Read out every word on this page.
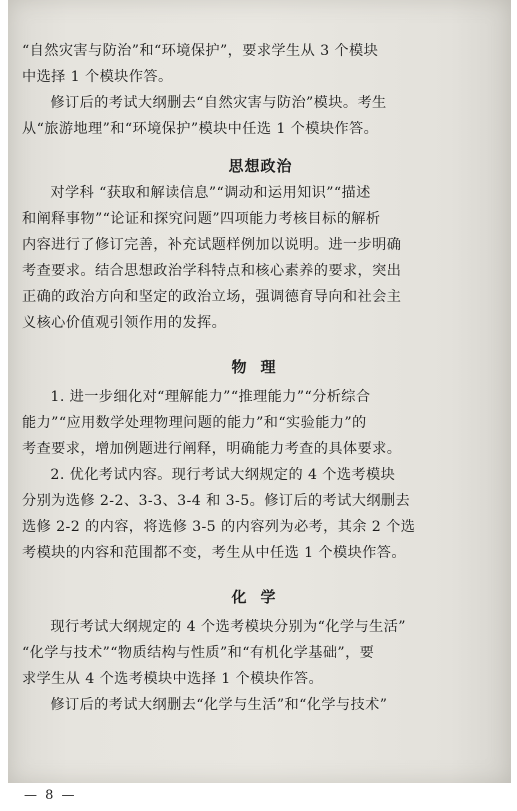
“自然灾害与防治”和“环境保护”，要求学生从 3 个模块
中选择 1 个模块作答。

修订后的考试大纲删去“自然灾害与防治”模块。考生
从“旅游地理”和“环境保护”模块中任选 1 个模块作答。

思想政治

对学科 “获取和解读信息”“调动和运用知识”“描述
和阐释事物”“论证和探究问题”四项能力考核目标的解析
内容进行了修订完善，补充试题样例加以说明。进一步明确
考查要求。结合思想政治学科特点和核心素养的要求，突出
正确的政治方向和坚定的政治立场，强调德育导向和社会主
义核心价值观引领作用的发挥。

物理

1. 进一步细化对“理解能力”“推理能力”“分析综合
能力”“应用数学处理物理问题的能力”和“实验能力”的
考查要求，增加例题进行阐释，明确能力考查的具体要求。

2. 优化考试内容。现行考试大纲规定的 4 个选考模块
分别为选修 2-2、3-3、3-4 和 3-5。修订后的考试大纲删去
选修 2-2 的内容，将选修 3-5 的内容列为必考，其余 2 个选
考模块的内容和范围都不变，考生从中任选 1 个模块作答。

化学

现行考试大纲规定的 4 个选考模块分别为“化学与生活”
“化学与技术”“物质结构与性质”和“有机化学基础”，要
求学生从 4 个选考模块中选择 1 个模块作答。

修订后的考试大纲删去“化学与生活”和“化学与技术”

— 8 —
